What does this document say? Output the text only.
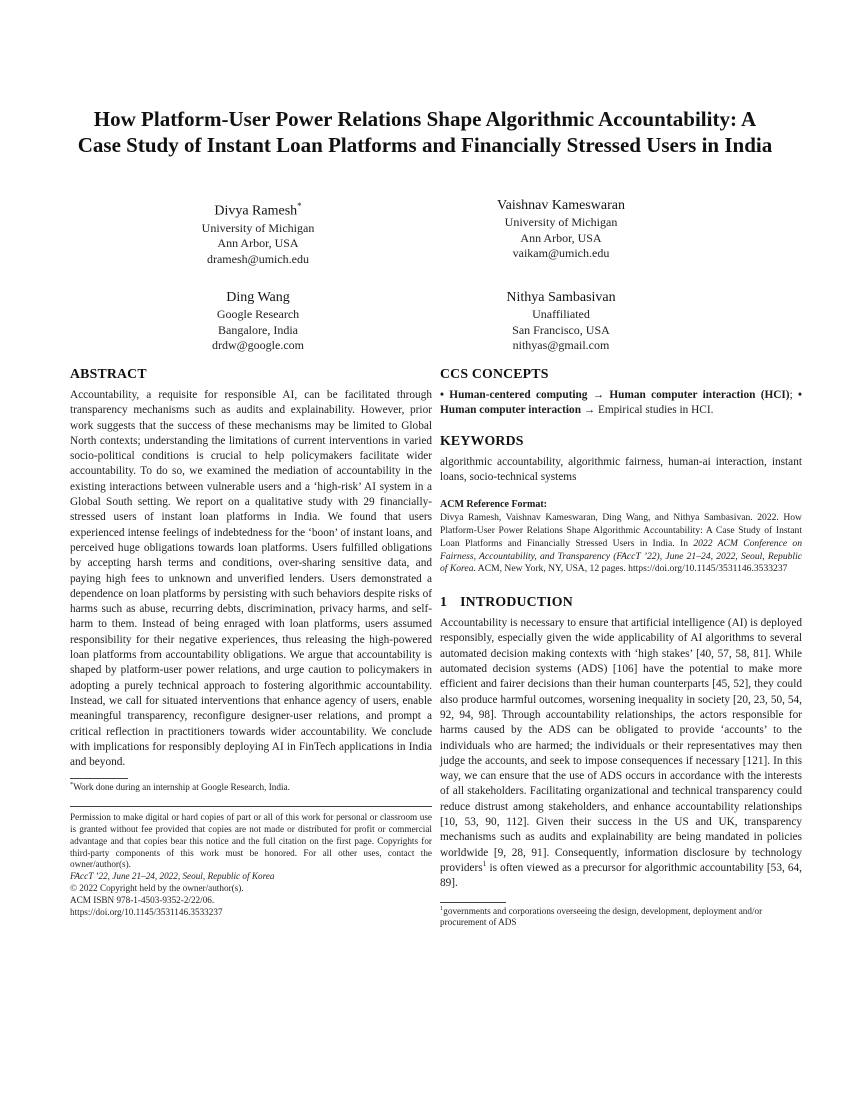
How Platform-User Power Relations Shape Algorithmic Accountability: A Case Study of Instant Loan Platforms and Financially Stressed Users in India
Divya Ramesh*
University of Michigan
Ann Arbor, USA
dramesh@umich.edu
Vaishnav Kameswaran
University of Michigan
Ann Arbor, USA
vaikam@umich.edu
Ding Wang
Google Research
Bangalore, India
drdw@google.com
Nithya Sambasivan
Unaffiliated
San Francisco, USA
nithyas@gmail.com
ABSTRACT

Accountability, a requisite for responsible AI, can be facilitated through transparency mechanisms such as audits and explainability. However, prior work suggests that the success of these mechanisms may be limited to Global North contexts; understanding the limitations of current interventions in varied socio-political conditions is crucial to help policymakers facilitate wider accountability. To do so, we examined the mediation of accountability in the existing interactions between vulnerable users and a ‘high-risk’ AI system in a Global South setting. We report on a qualitative study with 29 financially-stressed users of instant loan platforms in India. We found that users experienced intense feelings of indebtedness for the ‘boon’ of instant loans, and perceived huge obligations towards loan platforms. Users fulfilled obligations by accepting harsh terms and conditions, over-sharing sensitive data, and paying high fees to unknown and unverified lenders. Users demonstrated a dependence on loan platforms by persisting with such behaviors despite risks of harms such as abuse, recurring debts, discrimination, privacy harms, and self-harm to them. Instead of being enraged with loan platforms, users assumed responsibility for their negative experiences, thus releasing the high-powered loan platforms from accountability obligations. We argue that accountability is shaped by platform-user power relations, and urge caution to policymakers in adopting a purely technical approach to fostering algorithmic accountability. Instead, we call for situated interventions that enhance agency of users, enable meaningful transparency, reconfigure designer-user relations, and prompt a critical reflection in practitioners towards wider accountability. We conclude with implications for responsibly deploying AI in FinTech applications in India and beyond.

*Work done during an internship at Google Research, India.

Permission to make digital or hard copies of part or all of this work for personal or classroom use is granted without fee provided that copies are not made or distributed for profit or commercial advantage and that copies bear this notice and the full citation on the first page. Copyrights for third-party components of this work must be honored. For all other uses, contact the owner/author(s).

FAccT ’22, June 21–24, 2022, Seoul, Republic of Korea
© 2022 Copyright held by the owner/author(s).
ACM ISBN 978-1-4503-9352-2/22/06.
https://doi.org/10.1145/3531146.3533237
CCS CONCEPTS

• Human-centered computing → Human computer interaction (HCI); • Human computer interaction → Empirical studies in HCI.

KEYWORDS

algorithmic accountability, algorithmic fairness, human-ai interaction, instant loans, socio-technical systems

ACM Reference Format:

Divya Ramesh, Vaishnav Kameswaran, Ding Wang, and Nithya Sambasivan. 2022. How Platform-User Power Relations Shape Algorithmic Accountability: A Case Study of Instant Loan Platforms and Financially Stressed Users in India. In 2022 ACM Conference on Fairness, Accountability, and Transparency (FAccT ’22), June 21–24, 2022, Seoul, Republic of Korea. ACM, New York, NY, USA, 12 pages. https://doi.org/10.1145/3531146.3533237

1 INTRODUCTION

Accountability is necessary to ensure that artificial intelligence (AI) is deployed responsibly, especially given the wide applicability of AI algorithms to several automated decision making contexts with ‘high stakes’ [40, 57, 58, 81]. While automated decision systems (ADS) [106] have the potential to make more efficient and fairer decisions than their human counterparts [45, 52], they could also produce harmful outcomes, worsening inequality in society [20, 23, 50, 54, 92, 94, 98]. Through accountability relationships, the actors responsible for harms caused by the ADS can be obligated to provide ‘accounts’ to the individuals who are harmed; the individuals or their representatives may then judge the accounts, and seek to impose consequences if necessary [121]. In this way, we can ensure that the use of ADS occurs in accordance with the interests of all stakeholders. Facilitating organizational and technical transparency could reduce distrust among stakeholders, and enhance accountability relationships [10, 53, 90, 112]. Given their success in the US and UK, transparency mechanisms such as audits and explainability are being mandated in policies worldwide [9, 28, 91]. Consequently, information disclosure by technology providers$^1$ is often viewed as a precursor for algorithmic accountability [53, 64, 89].

$^1$governments and corporations overseeing the design, development, deployment and/or procurement of ADS
